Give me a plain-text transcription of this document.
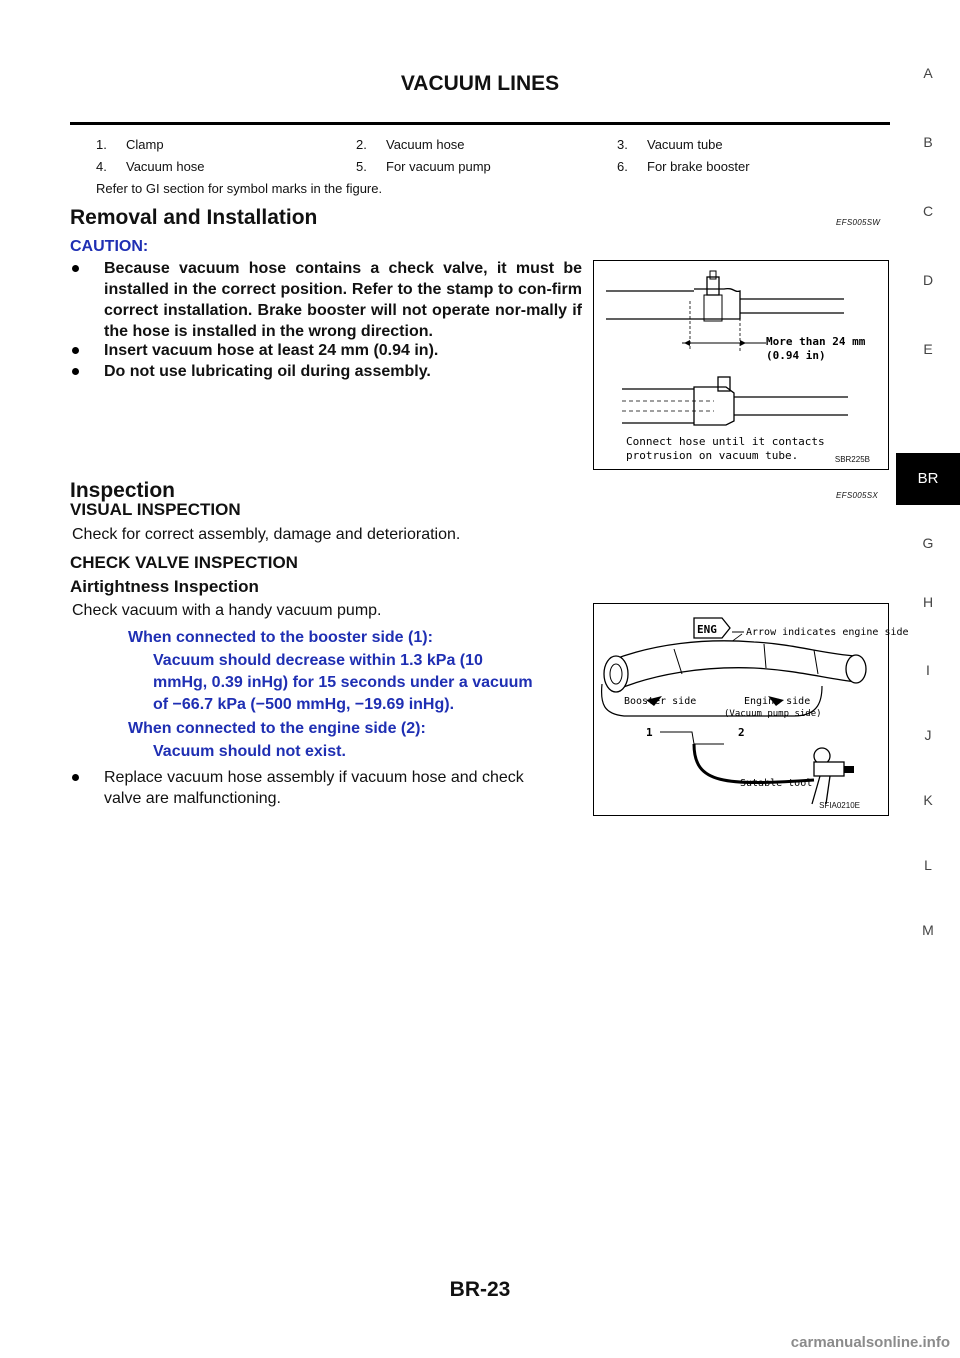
VACUUM LINES
1. Clamp	2. Vacuum hose	3. Vacuum tube
4. Vacuum hose	5. For vacuum pump	6. For brake booster
Refer to GI section for symbol marks in the figure.
Removal and Installation	EFS005SW
CAUTION:
Because vacuum hose contains a check valve, it must be installed in the correct position. Refer to the stamp to con-firm correct installation. Brake booster will not operate nor-mally if the hose is installed in the wrong direction.
Insert vacuum hose at least 24 mm (0.94 in).
Do not use lubricating oil during assembly.
More than 24 mm
(0.94 in)
Connect hose until it contacts
protrusion on vacuum tube.	SBR225B
Inspection	EFS005SX
VISUAL INSPECTION
Check for correct assembly, damage and deterioration.
CHECK VALVE INSPECTION
Airtightness Inspection
Check vacuum with a handy vacuum pump.
When connected to the booster side (1):
Vacuum should decrease within 1.3 kPa (10
mmHg, 0.39 inHg) for 15 seconds under a vacuum
of −66.7 kPa (−500 mmHg, −19.69 inHg).
When connected to the engine side (2):
Vacuum should not exist.
Replace vacuum hose assembly if vacuum hose and check
valve are malfunctioning.
ENG	Arrow indicates engine side
Booster side	Engine side
(Vacuum pump side)
1	2
Sutable tool
SFIA0210E
A
B
C
D
E
BR
G
H
I
J
K
L
M
BR-23
carmanualsonline.info
